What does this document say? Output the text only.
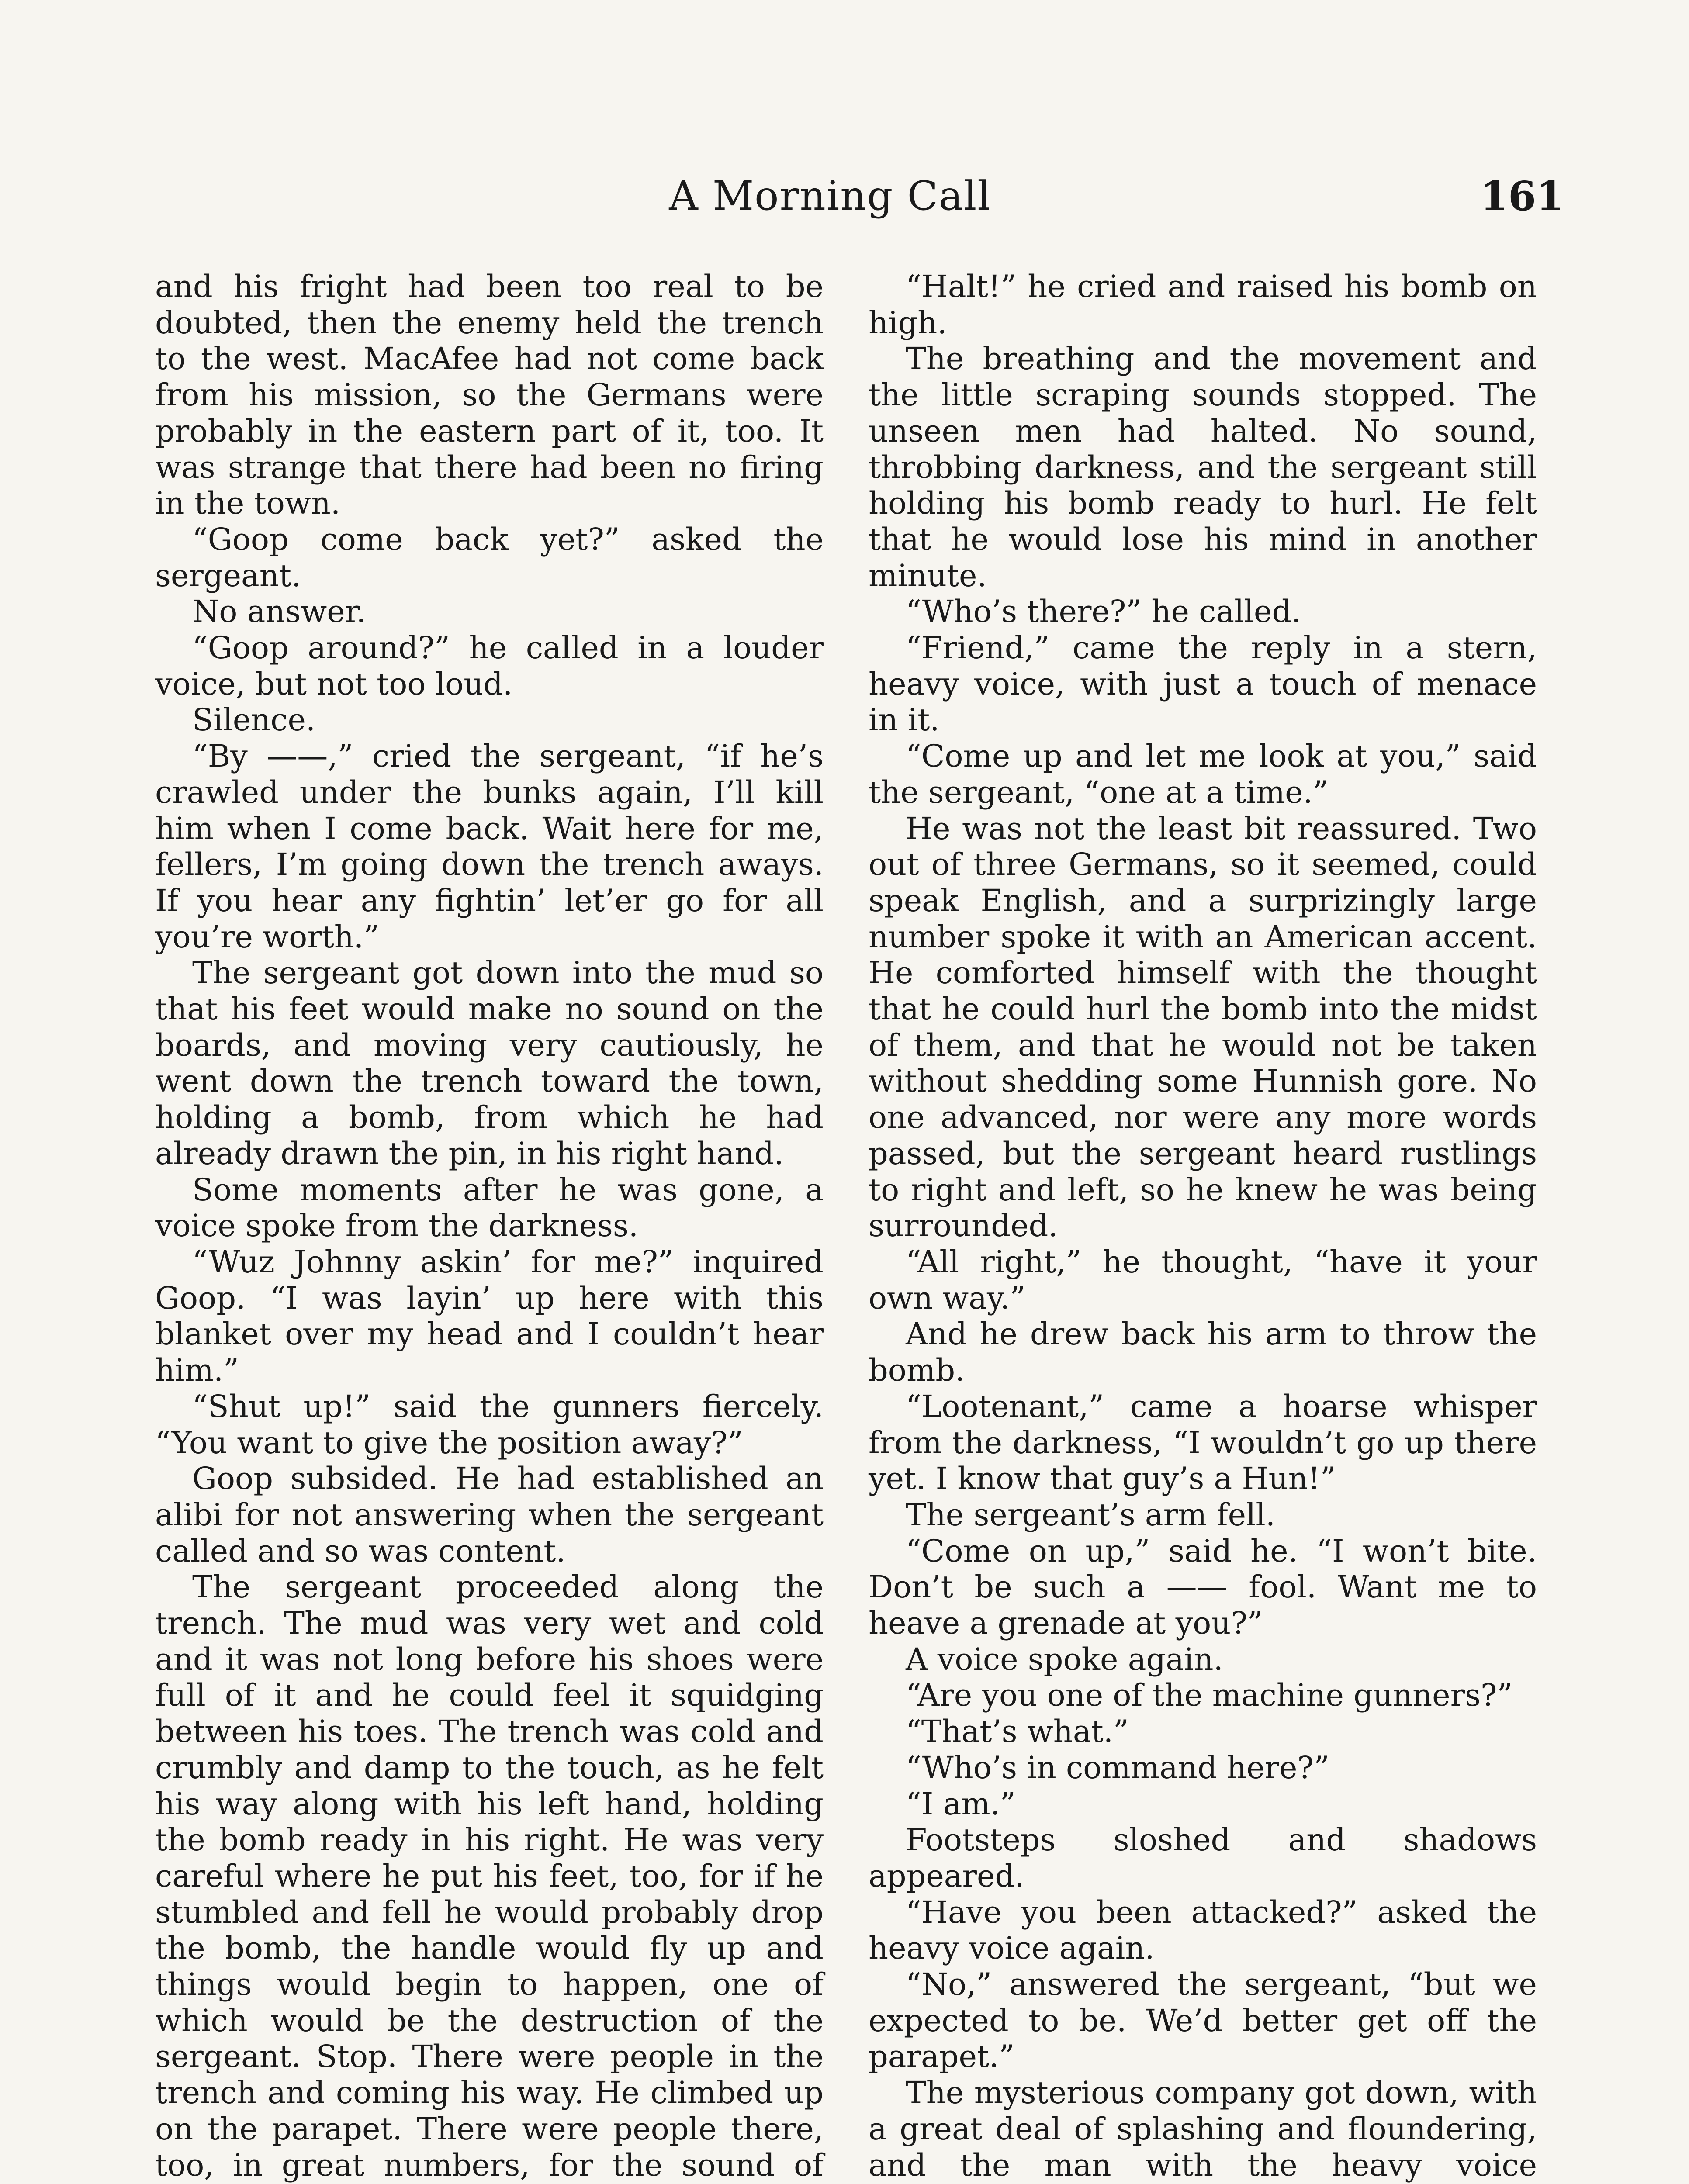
A Morning Call	161

and his fright had been too real to be doubted, then the enemy held the trench to the west. MacAfee had not come back from his mission, so the Germans were probably in the eastern part of it, too. It was strange that there had been no firing in the town.

“Goop come back yet?” asked the sergeant.

No answer.

“Goop around?” he called in a louder voice, but not too loud.

Silence.

“By ——,” cried the sergeant, “if he’s crawled under the bunks again, I’ll kill him when I come back. Wait here for me, fellers, I’m going down the trench aways. If you hear any fightin’ let’er go for all you’re worth.”

The sergeant got down into the mud so that his feet would make no sound on the boards, and moving very cautiously, he went down the trench toward the town, holding a bomb, from which he had already drawn the pin, in his right hand.

Some moments after he was gone, a voice spoke from the darkness.

“Wuz Johnny askin’ for me?” inquired Goop. “I was layin’ up here with this blanket over my head and I couldn’t hear him.”

“Shut up!” said the gunners fiercely. “You want to give the position away?”

Goop subsided. He had established an alibi for not answering when the sergeant called and so was content.

The sergeant proceeded along the trench. The mud was very wet and cold and it was not long before his shoes were full of it and he could feel it squidging between his toes. The trench was cold and crumbly and damp to the touch, as he felt his way along with his left hand, holding the bomb ready in his right. He was very careful where he put his feet, too, for if he stumbled and fell he would probably drop the bomb, the handle would fly up and things would begin to happen, one of which would be the destruction of the sergeant. Stop. There were people in the trench and coming his way. He climbed up on the parapet. There were people there, too, in great numbers, for the sound of

“Halt!” he cried and raised his bomb on high.

The breathing and the movement and the little scraping sounds stopped. The unseen men had halted. No sound, throbbing darkness, and the sergeant still holding his bomb ready to hurl. He felt that he would lose his mind in another minute.

“Who’s there?” he called.

“Friend,” came the reply in a stern, heavy voice, with just a touch of menace in it.

“Come up and let me look at you,” said the sergeant, “one at a time.”

He was not the least bit reassured. Two out of three Germans, so it seemed, could speak English, and a surprizingly large number spoke it with an American accent. He comforted himself with the thought that he could hurl the bomb into the midst of them, and that he would not be taken without shedding some Hunnish gore. No one advanced, nor were any more words passed, but the sergeant heard rustlings to right and left, so he knew he was being surrounded.

“All right,” he thought, “have it your own way.”

And he drew back his arm to throw the bomb.

“Lootenant,” came a hoarse whisper from the darkness, “I wouldn’t go up there yet. I know that guy’s a Hun!”

The sergeant’s arm fell.

“Come on up,” said he. “I won’t bite. Don’t be such a —— fool. Want me to heave a grenade at you?”

A voice spoke again.

“Are you one of the machine gunners?”

“That’s what.”

“Who’s in command here?”

“I am.”

Footsteps sloshed and shadows appeared.

“Have you been attacked?” asked the heavy voice again.

“No,” answered the sergeant, “but we expected to be. We’d better get off the parapet.”

The mysterious company got down, with a great deal of splashing and floundering, and the man with the heavy voice
